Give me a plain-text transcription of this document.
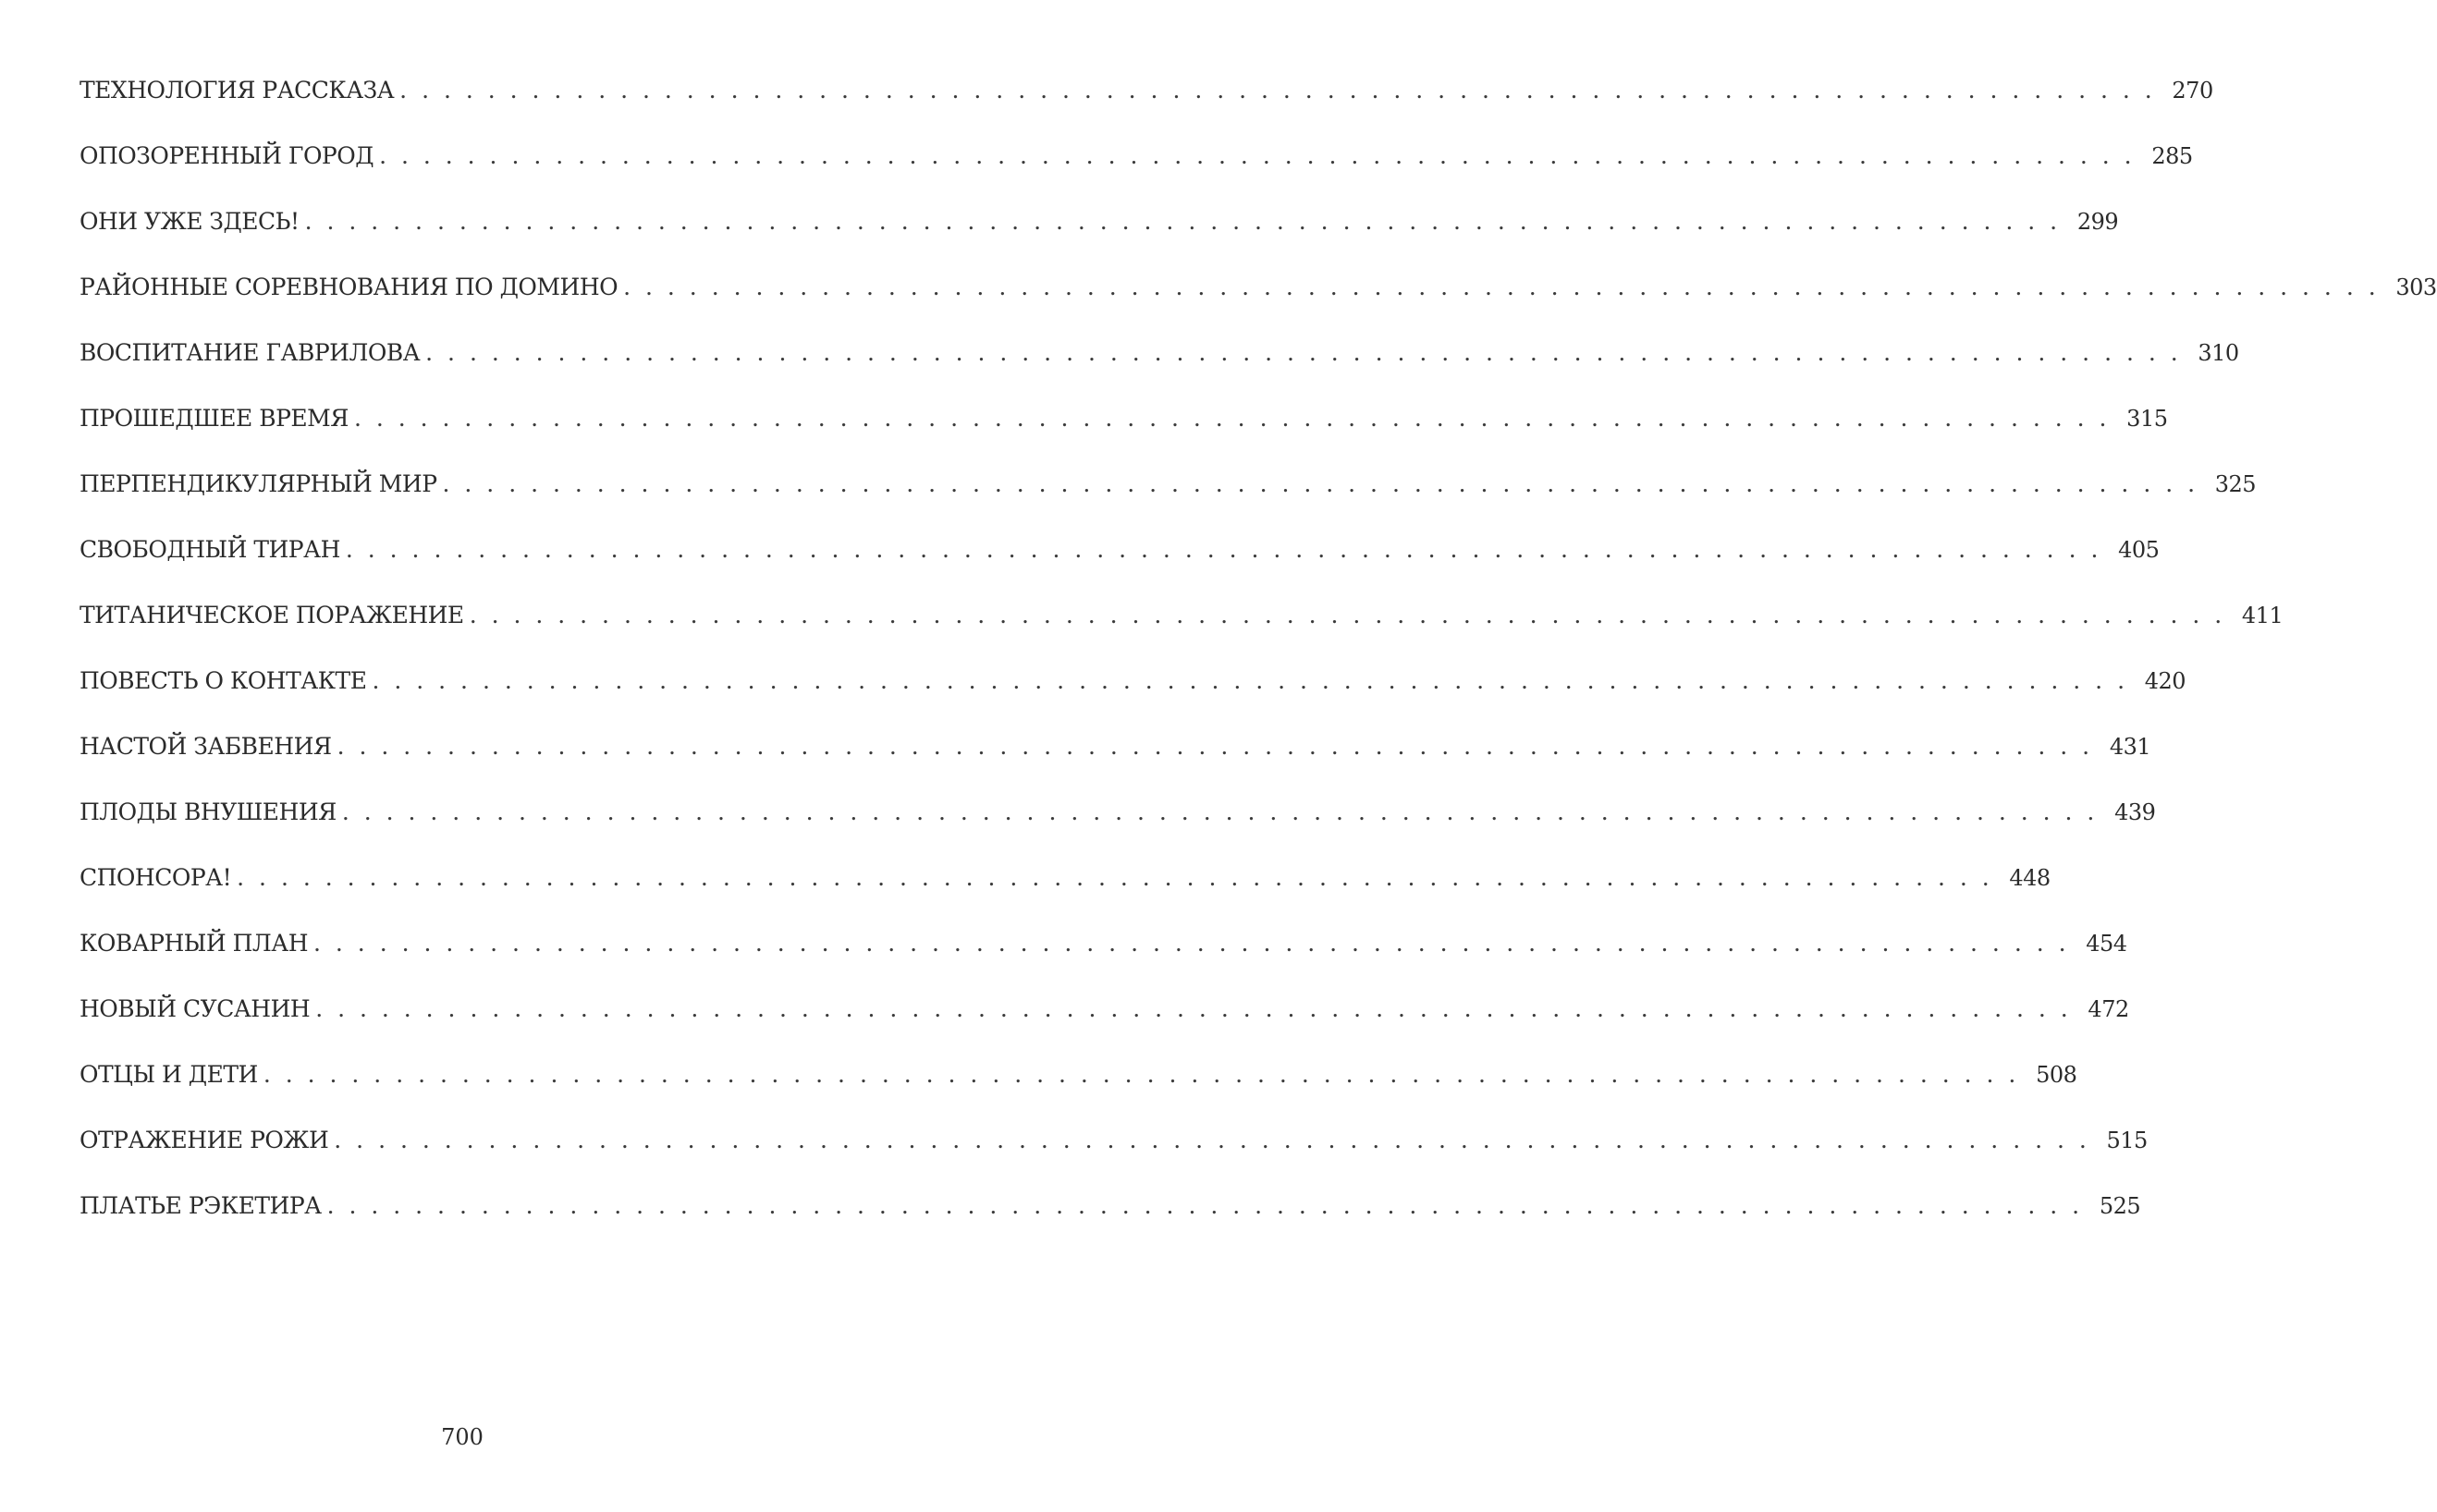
ТЕХНОЛОГИЯ РАССКАЗА . . . . . . . . . . . . . . . . . . . . . . . . . . . . . . . . . . . . . . . . . . . . . . . . . . . . . . . . . . . . . . . . . . . . . . . . . . . . . . . . 270
ОПОЗОРЕННЫЙ ГОРОД . . . . . . . . . . . . . . . . . . . . . . . . . . . . . . . . . . . . . . . . . . . . . . . . . . . . . . . . . . . . . . . . . . . . . . . . . . . . . . . . 285
ОНИ УЖЕ ЗДЕСЬ! . . . . . . . . . . . . . . . . . . . . . . . . . . . . . . . . . . . . . . . . . . . . . . . . . . . . . . . . . . . . . . . . . . . . . . . . . . . . . . . . 299
РАЙОННЫЕ СОРЕВНОВАНИЯ ПО ДОМИНО . . . . . . . . . . . . . . . . . . . . . . . . . . . . . . . . . . . . . . . . . . . . . . . . . . . . . . . . . . . . . . . . . . . . . . . . . . . . . . . . 303
ВОСПИТАНИЕ ГАВРИЛОВА . . . . . . . . . . . . . . . . . . . . . . . . . . . . . . . . . . . . . . . . . . . . . . . . . . . . . . . . . . . . . . . . . . . . . . . . . . . . . . . . 310
ПРОШЕДШЕЕ ВРЕМЯ . . . . . . . . . . . . . . . . . . . . . . . . . . . . . . . . . . . . . . . . . . . . . . . . . . . . . . . . . . . . . . . . . . . . . . . . . . . . . . . . 315
ПЕРПЕНДИКУЛЯРНЫЙ МИР . . . . . . . . . . . . . . . . . . . . . . . . . . . . . . . . . . . . . . . . . . . . . . . . . . . . . . . . . . . . . . . . . . . . . . . . . . . . . . . . 325
СВОБОДНЫЙ ТИРАН . . . . . . . . . . . . . . . . . . . . . . . . . . . . . . . . . . . . . . . . . . . . . . . . . . . . . . . . . . . . . . . . . . . . . . . . . . . . . . . . 405
ТИТАНИЧЕСКОЕ ПОРАЖЕНИЕ . . . . . . . . . . . . . . . . . . . . . . . . . . . . . . . . . . . . . . . . . . . . . . . . . . . . . . . . . . . . . . . . . . . . . . . . . . . . . . . . 411
ПОВЕСТЬ О КОНТАКТЕ . . . . . . . . . . . . . . . . . . . . . . . . . . . . . . . . . . . . . . . . . . . . . . . . . . . . . . . . . . . . . . . . . . . . . . . . . . . . . . . . 420
НАСТОЙ ЗАБВЕНИЯ . . . . . . . . . . . . . . . . . . . . . . . . . . . . . . . . . . . . . . . . . . . . . . . . . . . . . . . . . . . . . . . . . . . . . . . . . . . . . . . . 431
ПЛОДЫ ВНУШЕНИЯ . . . . . . . . . . . . . . . . . . . . . . . . . . . . . . . . . . . . . . . . . . . . . . . . . . . . . . . . . . . . . . . . . . . . . . . . . . . . . . . . 439
СПОНСОРА! . . . . . . . . . . . . . . . . . . . . . . . . . . . . . . . . . . . . . . . . . . . . . . . . . . . . . . . . . . . . . . . . . . . . . . . . . . . . . . . . 448
КОВАРНЫЙ ПЛАН . . . . . . . . . . . . . . . . . . . . . . . . . . . . . . . . . . . . . . . . . . . . . . . . . . . . . . . . . . . . . . . . . . . . . . . . . . . . . . . . 454
НОВЫЙ СУСАНИН . . . . . . . . . . . . . . . . . . . . . . . . . . . . . . . . . . . . . . . . . . . . . . . . . . . . . . . . . . . . . . . . . . . . . . . . . . . . . . . . 472
ОТЦЫ И ДЕТИ . . . . . . . . . . . . . . . . . . . . . . . . . . . . . . . . . . . . . . . . . . . . . . . . . . . . . . . . . . . . . . . . . . . . . . . . . . . . . . . . 508
ОТРАЖЕНИЕ РОЖИ . . . . . . . . . . . . . . . . . . . . . . . . . . . . . . . . . . . . . . . . . . . . . . . . . . . . . . . . . . . . . . . . . . . . . . . . . . . . . . . . 515
ПЛАТЬЕ РЭКЕТИРА . . . . . . . . . . . . . . . . . . . . . . . . . . . . . . . . . . . . . . . . . . . . . . . . . . . . . . . . . . . . . . . . . . . . . . . . . . . . . . . . 525
700
